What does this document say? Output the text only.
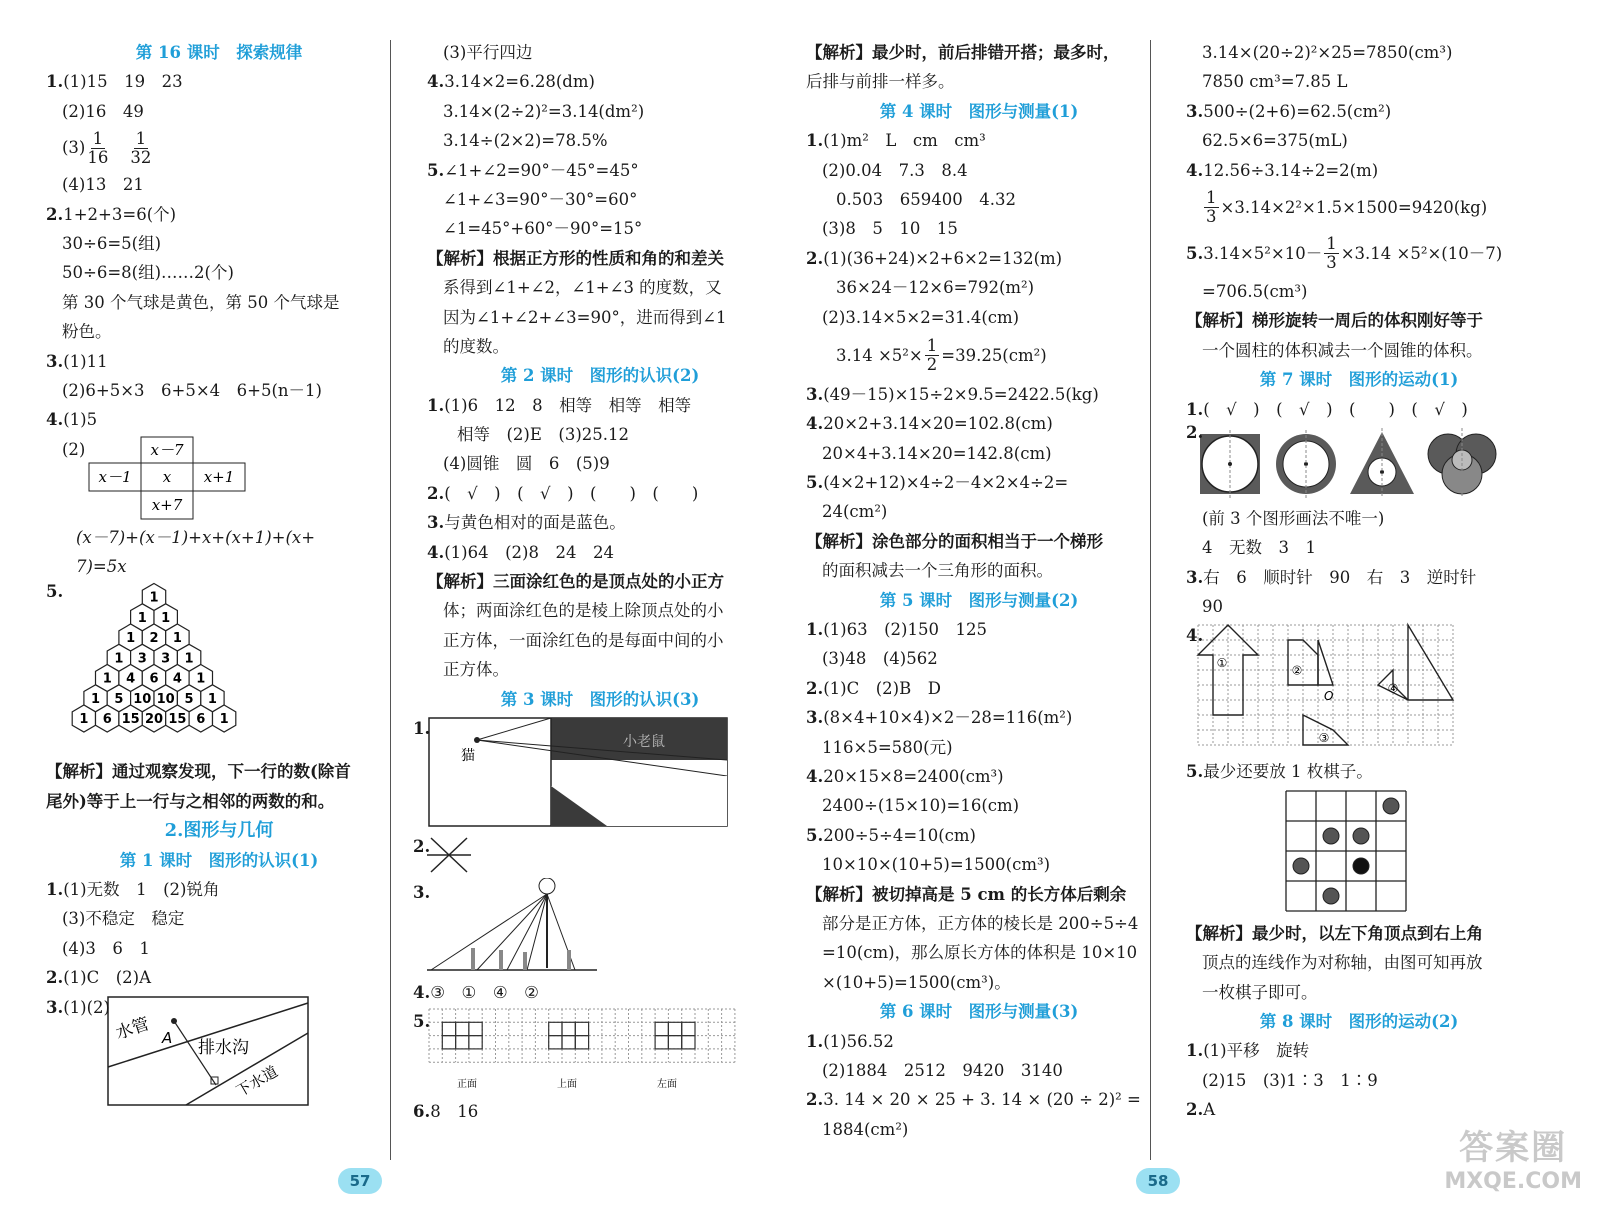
第 16 课时　探索规律
1.(1)15　19　23
(2)16　49
$(3) \frac{1}{16} \frac{1}{32}$
(4)13　21
2.1+2+3=6(个)
30÷6=5(组)
50÷6=8(组)……2(个)
第 30 个气球是黄色，第 50 个气球是
粉色。
3.(1)11
(2)6+5×3　6+5×4　6+5(n－1)
4.(1)5
(2)	x－7
x－1 x x+1
x+7
(x－7)+(x－1)+x+(x+1)+(x+
7)=5x
5.	1
1 1
1 2 1
1 3 3 1
1 4 6 4 1
1 5 10 10 5 1
1 6 15 20 15 6 1
【解析】通过观察发现，下一行的数(除首
尾外)等于上一行与之相邻的两数的和。
2.图形与几何
第 1 课时　图形的认识(1)
1.(1)无数　1　(2)锐角
(3)不稳定　稳定
(4)3　6　1
2.(1)C　(2)A
3.(1)(2)
水管 A 排水沟
下水道
(3)平行四边
4.3.14×2=6.28(dm)
3.14×(2÷2)²=3.14(dm²)
3.14÷(2×2)=78.5%
5.∠1+∠2=90°－45°=45°
∠1+∠3=90°－30°=60°
∠1=45°+60°－90°=15°
【解析】根据正方形的性质和角的和差关
系得到∠1+∠2，∠1+∠3 的度数，又
因为∠1+∠2+∠3=90°，进而得到∠1
的度数。
第 2 课时　图形的认识(2)
1.(1)6　12　8　相等　相等　相等
相等　(2)E　(3)25.12
(4)圆锥　圆　6　(5)9
2.(　√　)　(　√　)　(　　)　(　　)
3.与黄色相对的面是蓝色。
4.(1)64　(2)8　24　24
【解析】三面涂红色的是顶点处的小正方
体；两面涂红色的是棱上除顶点处的小
正方体，一面涂红色的是每面中间的小
正方体。
第 3 课时　图形的认识(3)
1.
猫
小老鼠
2.
3.
4.③　①　④　②
5.
正面	上面	左面
6.8　16
【解析】最少时，前后排错开搭；最多时，
后排与前排一样多。
第 4 课时　图形与测量(1)
1.(1)m²　L　cm　cm³
(2)0.04　7.3　8.4
0.503　659400　4.32
(3)8　5　10　15
2.(1)(36+24)×2+6×2=132(m)
36×24－12×6=792(m²)
(2)3.14×5×2=31.4(cm)
$3.14 \times 5^2\times \frac{1}{2} =39.25(cm^2)$
3.(49－15)×15÷2×9.5=2422.5(kg)
4.20×2+3.14×20=102.8(cm)
20×4+3.14×20=142.8(cm)
5.(4×2+12)×4÷2－4×2×4÷2=
24(cm²)
【解析】涂色部分的面积相当于一个梯形
的面积减去一个三角形的面积。
第 5 课时　图形与测量(2)
1.(1)63　(2)150　125
(3)48　(4)562
2.(1)C　(2)B　D
3.(8×4+10×4)×2－28=116(m²)
116×5=580(元)
4.20×15×8=2400(cm³)
2400÷(15×10)=16(cm)
5.200÷5÷4=10(cm)
10×10×(10+5)=1500(cm³)
【解析】被切掉高是 5 cm 的长方体后剩余
部分是正方体，正方体的棱长是 200÷5÷4
=10(cm)，那么原长方体的体积是 10×10
×(10+5)=1500(cm³)。
第 6 课时　图形与测量(3)
1.(1)56.52
(2)1884　2512　9420　3140
2.3. 14 × 20 × 25 + 3. 14 × (20 ÷ 2)² =
1884(cm²)
3.14×(20÷2)²×25=7850(cm³)
7850 cm³=7.85 L
3.500÷(2+6)=62.5(cm²)
62.5×6=375(mL)
4.12.56÷3.14÷2=2(m)
$\frac{1}{3} \times 3.14\times 2^2\times 1.5\times 1500=9420(kg)$
5. $3.14\times 5^2\times 10- \frac{1}{3} \times 3.14 \times 5^2\times(10-7)$
=706.5(cm³)
【解析】梯形旋转一周后的体积刚好等于
一个圆柱的体积减去一个圆锥的体积。
第 7 课时　图形的运动(1)
1.(　√　)　(　√　)　(　　)　(　√　)
2.
(前 3 个图形画法不唯一)
4　无数　3　1
3.右　6　顺时针　90　右　3　逆时针
90
4.
①
②
③
④
O
5.最少还要放 1 枚棋子。
【解析】最少时，以左下角顶点到右上角
顶点的连线作为对称轴，由图可知再放
一枚棋子即可。
第 8 课时　图形的运动(2)
1.(1)平移　旋转
(2)15　(3)1∶3　1∶9
2.A
57	58
答案圈
MXQE.COM
